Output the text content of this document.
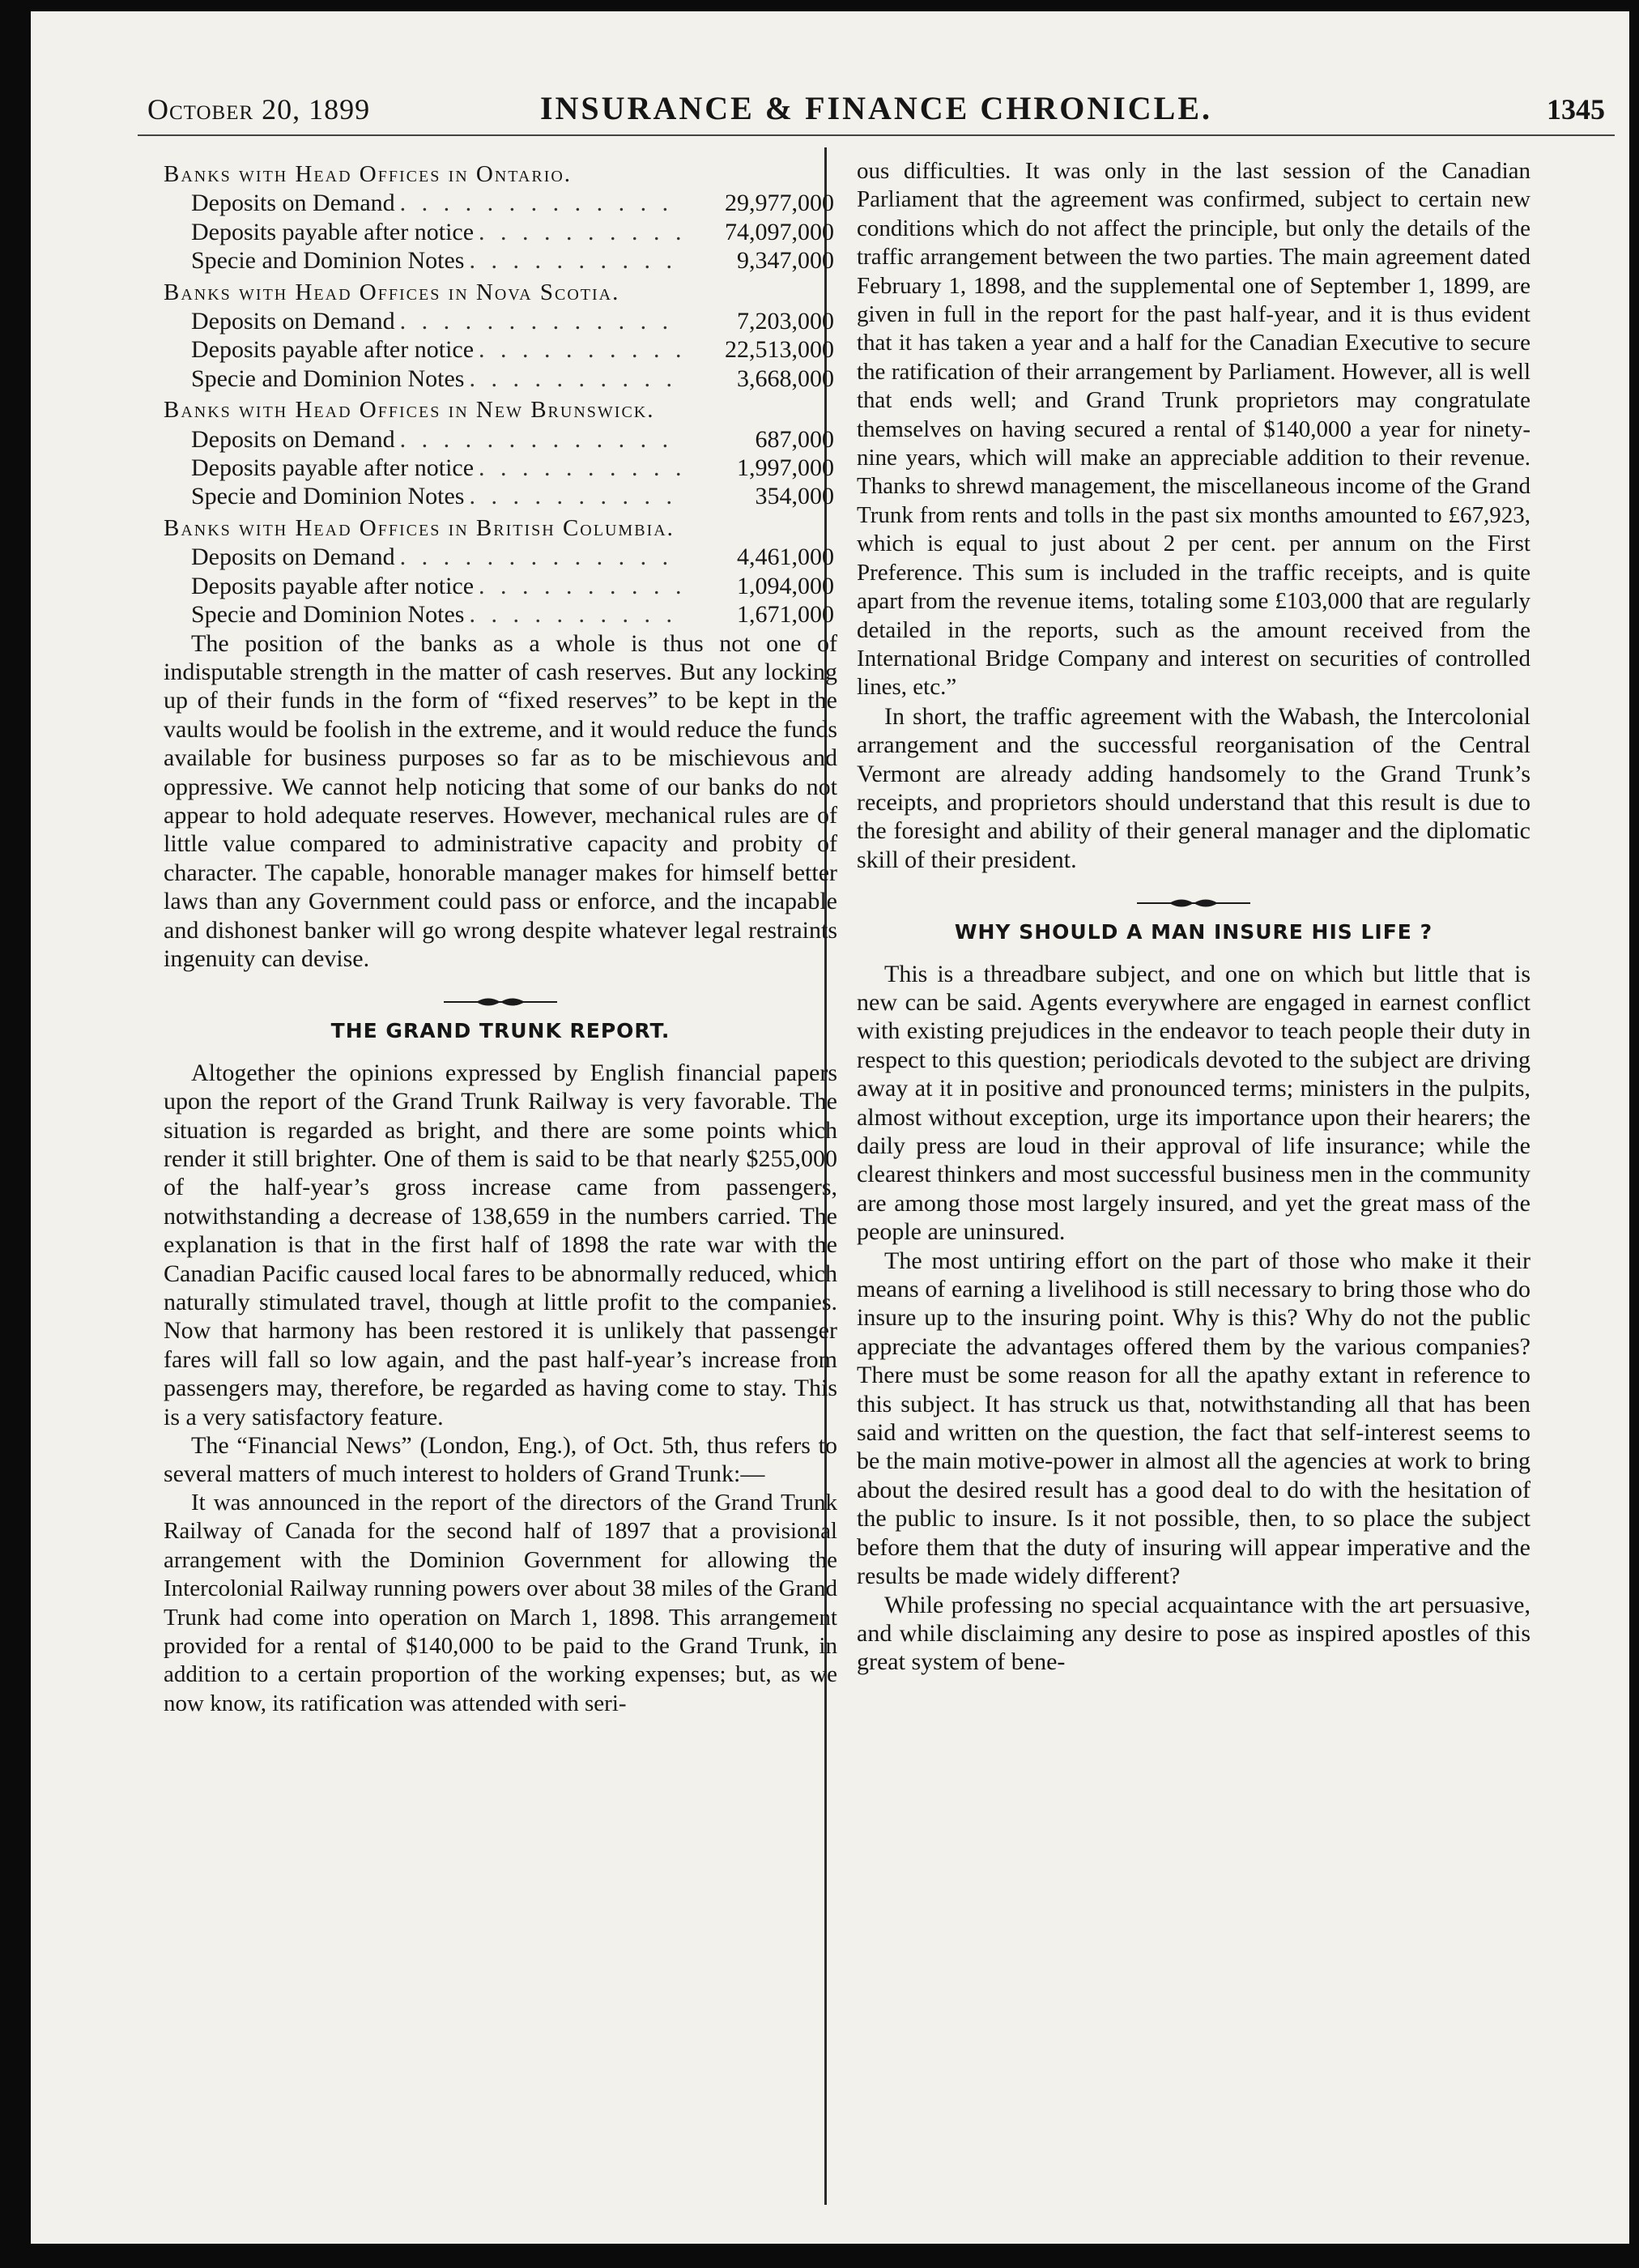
October 20, 1899	INSURANCE & FINANCE CHRONICLE.	1345
Banks with Head Offices in Ontario.
Deposits on Demand . . .	29,977,000
Deposits payable after notice . . .	74,097,000
Specie and Dominion Notes . . .	9,347,000
Banks with Head Offices in Nova Scotia.
Deposits on Demand . . .	7,203,000
Deposits payable after notice . . .	22,513,000
Specie and Dominion Notes . . .	3,668,000
Banks with Head Offices in New Brunswick.
Deposits on Demand . . .	687,000
Deposits payable after notice . . .	1,997,000
Specie and Dominion Notes . . .	354,000
Banks with Head Offices in British Columbia.
Deposits on Demand . . .	4,461,000
Deposits payable after notice . . .	1,094,000
Specie and Dominion Notes . . .	1,671,000

The position of the banks as a whole is thus not one of indisputable strength in the matter of cash reserves. But any locking up of their funds in the form of “fixed reserves” to be kept in the vaults would be foolish in the extreme, and it would reduce the funds available for business purposes so far as to be mischievous and oppressive. We cannot help noticing that some of our banks do not appear to hold adequate reserves. However, mechanical rules are of little value compared to administrative capacity and probity of character. The capable, honorable manager makes for himself better laws than any Government could pass or enforce, and the incapable and dishonest banker will go wrong despite whatever legal restraints ingenuity can devise.

THE GRAND TRUNK REPORT.

Altogether the opinions expressed by English financial papers upon the report of the Grand Trunk Railway is very favorable. The situation is regarded as bright, and there are some points which render it still brighter. One of them is said to be that nearly $255,000 of the half-year’s gross increase came from passengers, notwithstanding a decrease of 138,659 in the numbers carried. The explanation is that in the first half of 1898 the rate war with the Canadian Pacific caused local fares to be abnormally reduced, which naturally stimulated travel, though at little profit to the companies. Now that harmony has been restored it is unlikely that passenger fares will fall so low again, and the past half-year’s increase from passengers may, therefore, be regarded as having come to stay. This is a very satisfactory feature.

The “Financial News” (London, Eng.), of Oct. 5th, thus refers to several matters of much interest to holders of Grand Trunk:—

It was announced in the report of the directors of the Grand Trunk Railway of Canada for the second half of 1897 that a provisional arrangement with the Dominion Government for allowing the Intercolonial Railway running powers over about 38 miles of the Grand Trunk had come into operation on March 1, 1898. This arrangement provided for a rental of $140,000 to be paid to the Grand Trunk, in addition to a certain proportion of the working expenses; but, as we now know, its ratification was attended with seri-

ous difficulties. It was only in the last session of the Canadian Parliament that the agreement was confirmed, subject to certain new conditions which do not affect the principle, but only the details of the traffic arrangement between the two parties. The main agreement dated February 1, 1898, and the supplemental one of September 1, 1899, are given in full in the report for the past half-year, and it is thus evident that it has taken a year and a half for the Canadian Executive to secure the ratification of their arrangement by Parliament. However, all is well that ends well; and Grand Trunk proprietors may congratulate themselves on having secured a rental of $140,000 a year for ninety-nine years, which will make an appreciable addition to their revenue. Thanks to shrewd management, the miscellaneous income of the Grand Trunk from rents and tolls in the past six months amounted to £67,923, which is equal to just about 2 per cent. per annum on the First Preference. This sum is included in the traffic receipts, and is quite apart from the revenue items, totaling some £103,000 that are regularly detailed in the reports, such as the amount received from the International Bridge Company and interest on securities of controlled lines, etc.”

In short, the traffic agreement with the Wabash, the Intercolonial arrangement and the successful reorganisation of the Central Vermont are already adding handsomely to the Grand Trunk’s receipts, and proprietors should understand that this result is due to the foresight and ability of their general manager and the diplomatic skill of their president.

WHY SHOULD A MAN INSURE HIS LIFE ?

This is a threadbare subject, and one on which but little that is new can be said. Agents everywhere are engaged in earnest conflict with existing prejudices in the endeavor to teach people their duty in respect to this question; periodicals devoted to the subject are driving away at it in positive and pronounced terms; ministers in the pulpits, almost without exception, urge its importance upon their hearers; the daily press are loud in their approval of life insurance; while the clearest thinkers and most successful business men in the community are among those most largely insured, and yet the great mass of the people are uninsured.

The most untiring effort on the part of those who make it their means of earning a livelihood is still necessary to bring those who do insure up to the insuring point. Why is this? Why do not the public appreciate the advantages offered them by the various companies? There must be some reason for all the apathy extant in reference to this subject. It has struck us that, notwithstanding all that has been said and written on the question, the fact that self-interest seems to be the main motive-power in almost all the agencies at work to bring about the desired result has a good deal to do with the hesitation of the public to insure. Is it not possible, then, to so place the subject before them that the duty of insuring will appear imperative and the results be made widely different?

While professing no special acquaintance with the art persuasive, and while disclaiming any desire to pose as inspired apostles of this great system of bene-
